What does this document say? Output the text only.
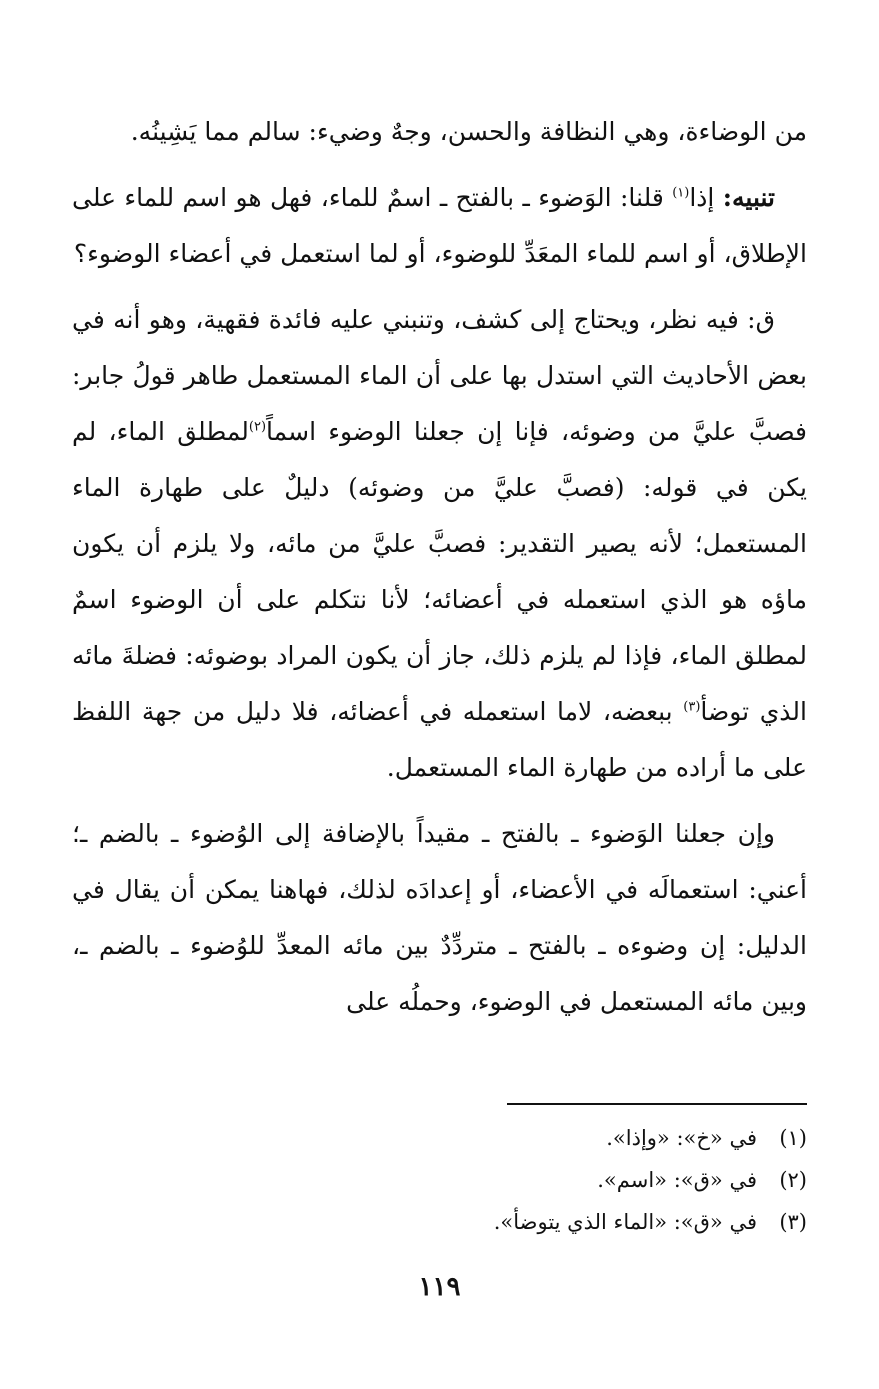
من الوضاءة، وهي النظافة والحسن، وجهٌ وضيء: سالم مما يَشِينُه.

تنبيه: إذا$^{(١)}$ قلنا: الوَضوء ـ بالفتح ـ اسمٌ للماء، فهل هو اسم للماء على الإطلاق، أو اسم للماء المعَدِّ للوضوء، أو لما استعمل في أعضاء الوضوء؟

ق: فيه نظر، ويحتاج إلى كشف، وتنبني عليه فائدة فقهية، وهو أنه في بعض الأحاديث التي استدل بها على أن الماء المستعمل طاهر قولُ جابر: فصبَّ عليَّ من وضوئه، فإنا إن جعلنا الوضوء اسماً$^{(٢)}$لمطلق الماء، لم يكن في قوله: (فصبَّ عليَّ من وضوئه) دليلٌ على طهارة الماء المستعمل؛ لأنه يصير التقدير: فصبَّ عليَّ من مائه، ولا يلزم أن يكون ماؤه هو الذي استعمله في أعضائه؛ لأنا نتكلم على أن الوضوء اسمٌ لمطلق الماء، فإذا لم يلزم ذلك، جاز أن يكون المراد بوضوئه: فضلةَ مائه الذي توضأ$^{(٣)}$ ببعضه، لاما استعمله في أعضائه، فلا دليل من جهة اللفظ على ما أراده من طهارة الماء المستعمل.

وإن جعلنا الوَضوء ـ بالفتح ـ مقيداً بالإضافة إلى الوُضوء ـ بالضم ـ؛ أعني: استعمالَه في الأعضاء، أو إعدادَه لذلك، فهاهنا يمكن أن يقال في الدليل: إن وضوءه ـ بالفتح ـ متردِّدٌ بين مائه المعدِّ للوُضوء ـ بالضم ـ، وبين مائه المستعمل في الوضوء، وحملُه على

(١)
في «خ»: «وإذا».
(٢)
في «ق»: «اسم».
(٣)
في «ق»: «الماء الذي يتوضأ».
١١٩
